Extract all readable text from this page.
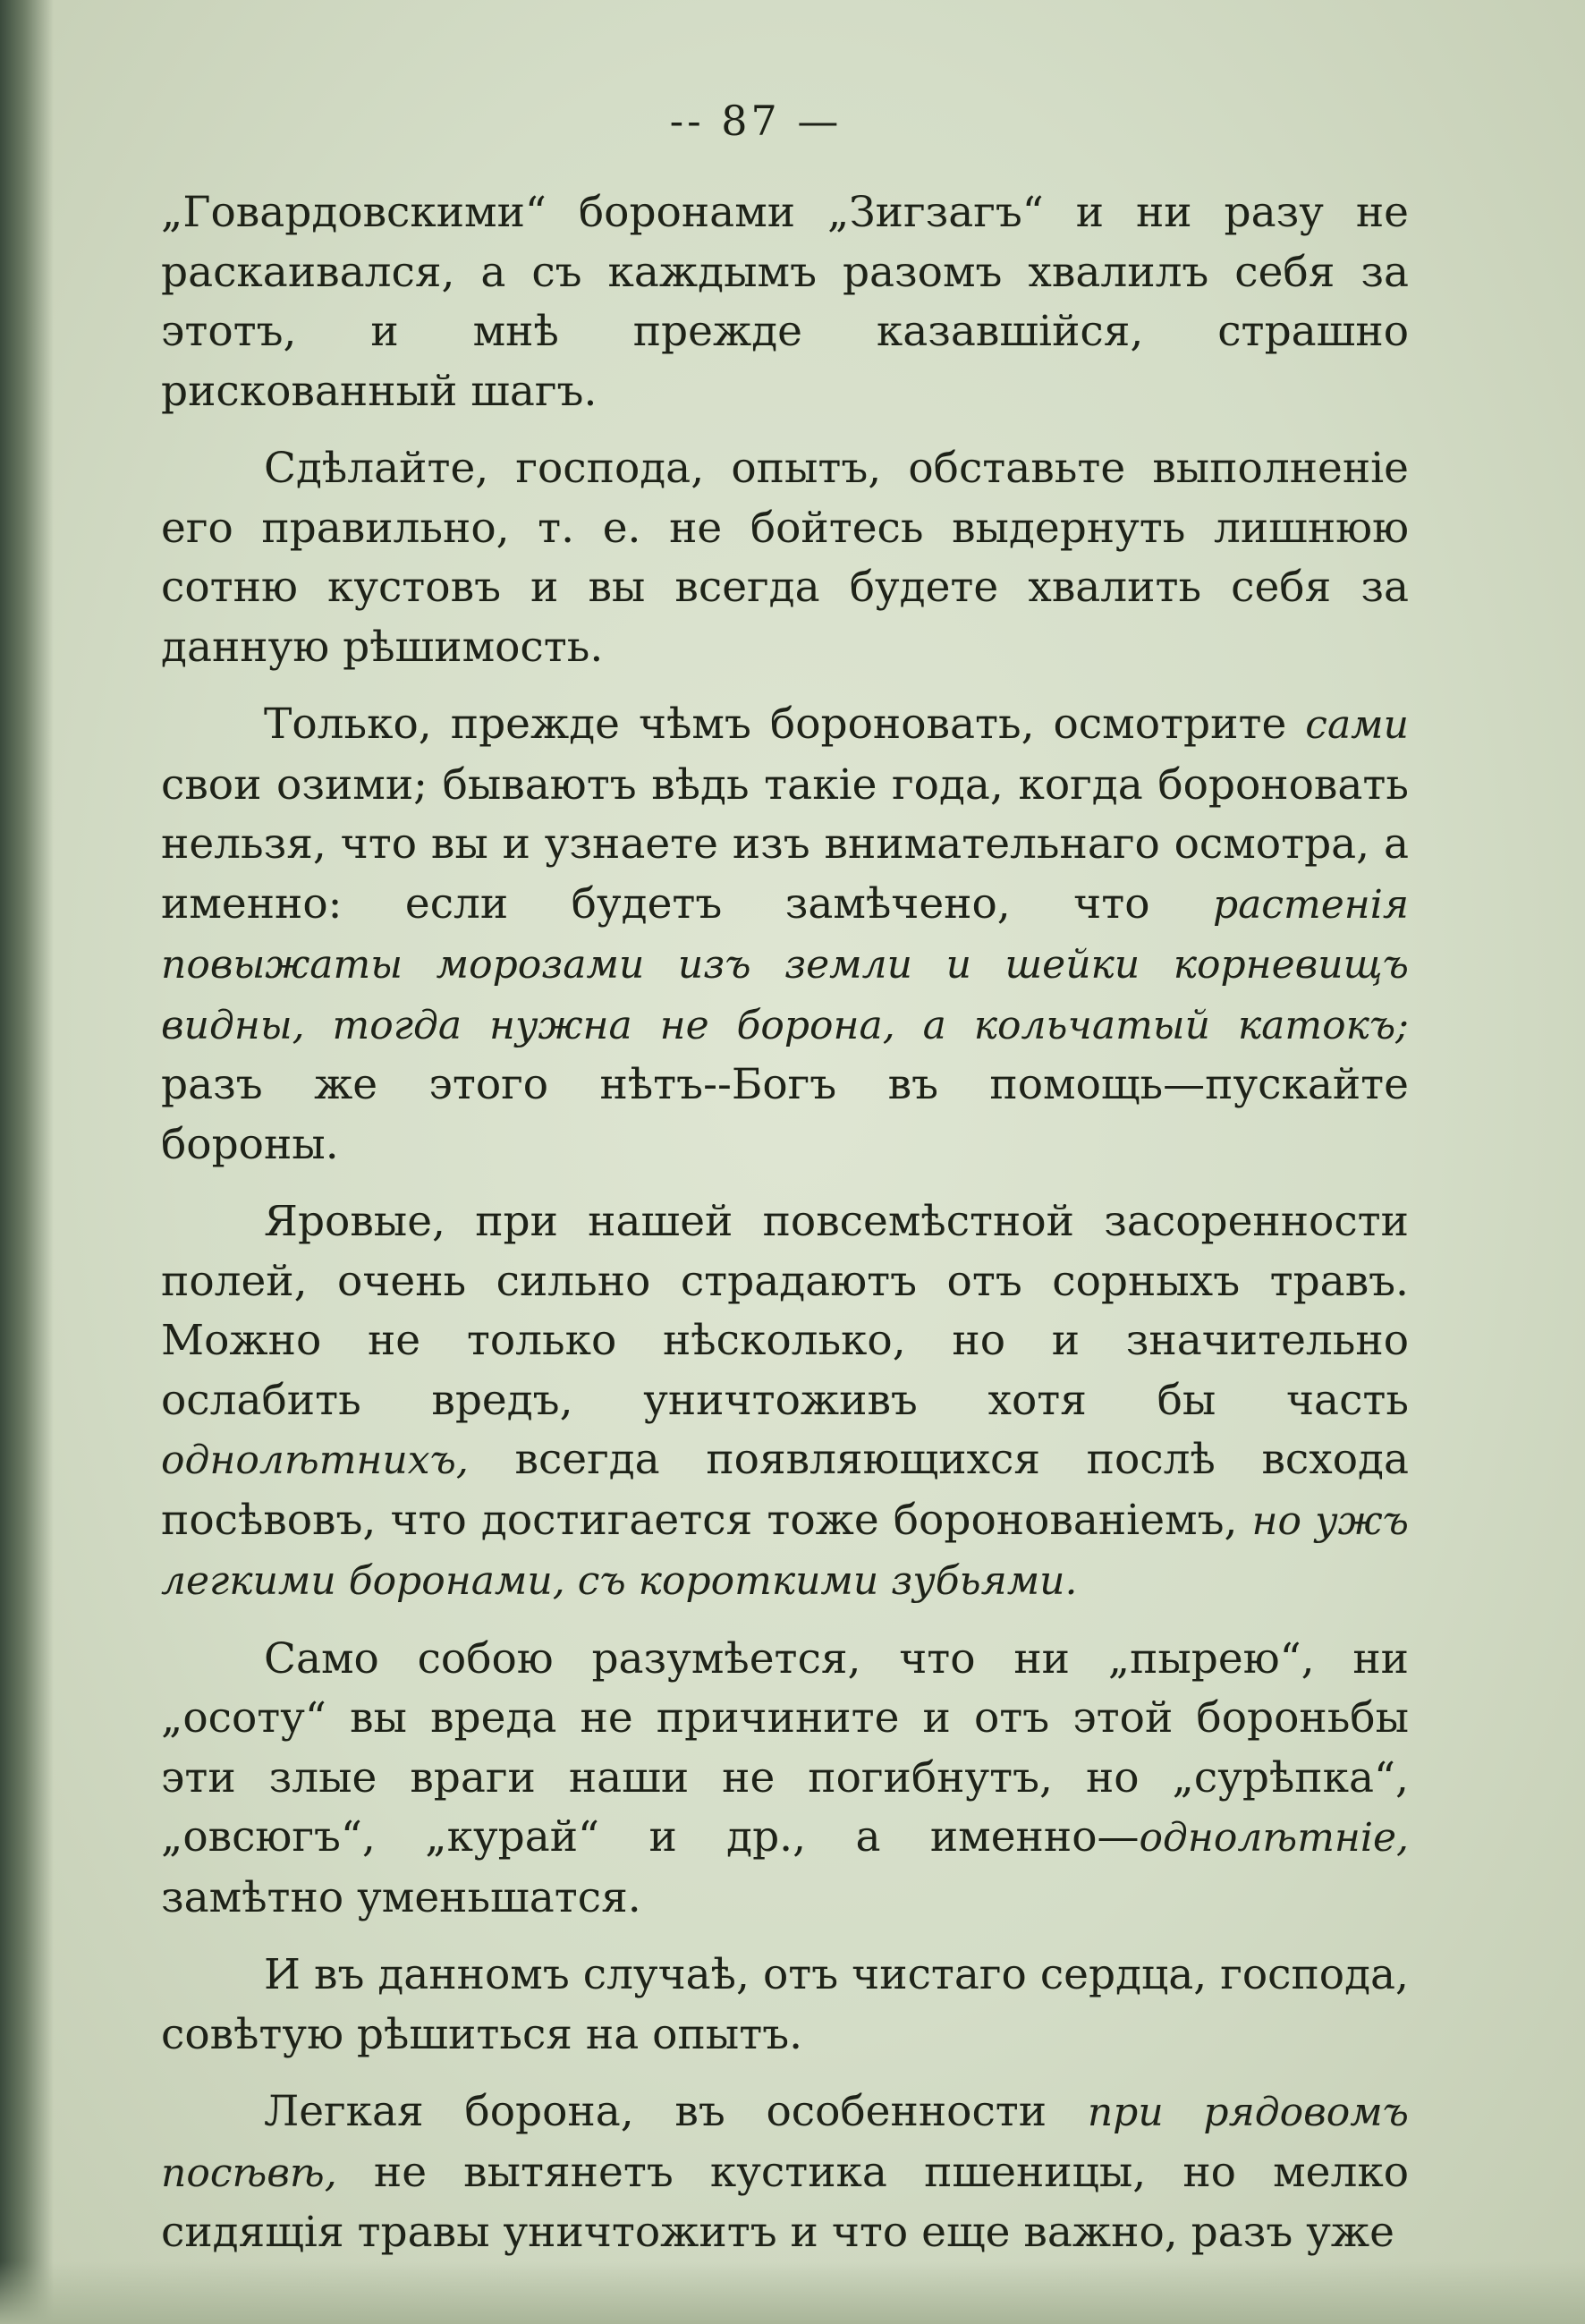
-- 87 —

„Говардовскими“ боронами „Зигзагъ“ и ни разу не раскаивался, а съ каждымъ разомъ хвалилъ себя за этотъ, и мнѣ прежде казавшійся, страшно рискованный шагъ.

Сдѣлайте, господа, опытъ, обставьте выполненіе его правильно, т. е. не бойтесь выдернуть лишнюю сотню кустовъ и вы всегда будете хвалить себя за данную рѣшимость.

Только, прежде чѣмъ бороновать, осмотрите сами свои озими; бываютъ вѣдь такіе года, когда бороновать нельзя, что вы и узнаете изъ внимательнаго осмотра, а именно: если будетъ замѣчено, что растенія повыжаты морозами изъ земли и шейки корневищъ видны, тогда нужна не борона, а кольчатый катокъ; разъ же этого нѣтъ--Богъ въ помощь—пускайте бороны.

Яровые, при нашей повсемѣстной засоренности полей, очень сильно страдаютъ отъ сорныхъ травъ. Можно не только нѣсколько, но и значительно ослабить вредъ, уничтоживъ хотя бы часть однолѣтнихъ, всегда появляющихся послѣ всхода посѣвовъ, что достигается тоже боронованіемъ, но ужъ легкими боронами, съ короткими зубьями.

Само собою разумѣется, что ни „пырею“, ни „осоту“ вы вреда не причините и отъ этой бороньбы эти злые враги наши не погибнутъ, но „сурѣпка“, „овсюгъ“, „курай“ и др., а именно—однолѣтніе, замѣтно уменьшатся.

И въ данномъ случаѣ, отъ чистаго сердца, господа, совѣтую рѣшиться на опытъ.

Легкая борона, въ особенности при рядовомъ посѣвѣ, не вытянетъ кустика пшеницы, но мелко сидящія травы уничтожитъ и что еще важно, разъ уже
